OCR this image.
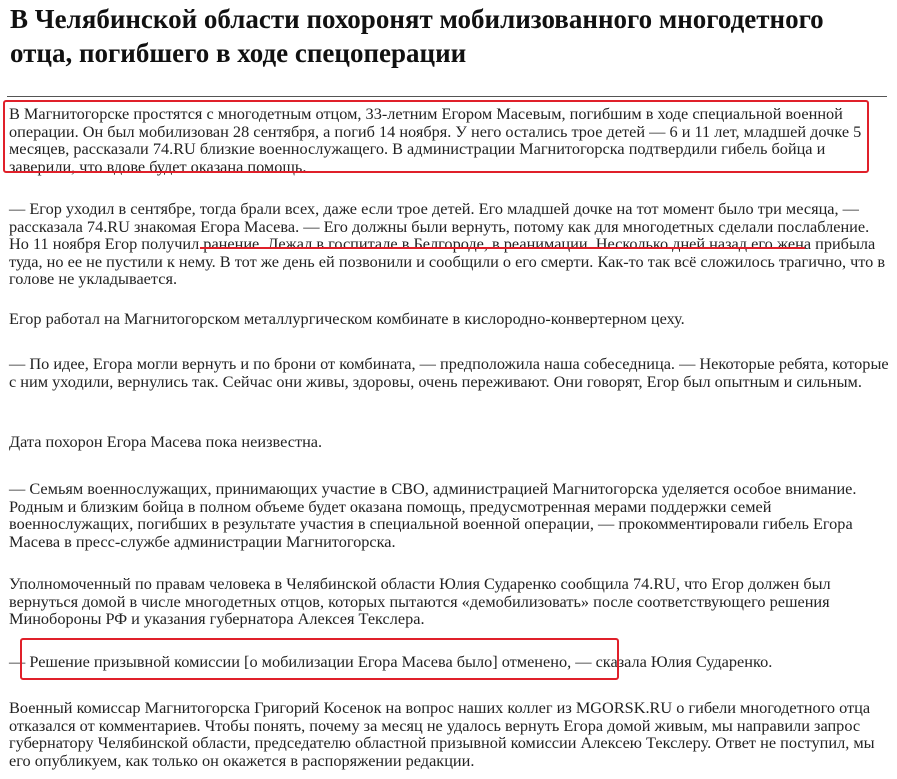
В Челябинской области похоронят мобилизованного многодетного отца, погибшего в ходе спецоперации

В Магнитогорске простятся с многодетным отцом, 33-летним Егором Масевым, погибшим в ходе специальной военной операции. Он был мобилизован 28 сентября, а погиб 14 ноября. У него остались трое детей — 6 и 11 лет, младшей дочке 5 месяцев, рассказали 74.RU близкие военнослужащего. В администрации Магнитогорска подтвердили гибель бойца и заверили, что вдове будет оказана помощь.

— Егор уходил в сентябре, тогда брали всех, даже если трое детей. Его младшей дочке на тот момент было три месяца, — рассказала 74.RU знакомая Егора Масева. — Его должны были вернуть, потому как для многодетных сделали послабление. Но 11 ноября Егор получил ранение. Лежал в госпитале в Белгороде, в реанимации. Несколько дней назад его жена прибыла туда, но ее не пустили к нему. В тот же день ей позвонили и сообщили о его смерти. Как-то так всё сложилось трагично, что в голове не укладывается.

Егор работал на Магнитогорском металлургическом комбинате в кислородно-конвертерном цеху.

— По идее, Егора могли вернуть и по брони от комбината, — предположила наша собеседница. — Некоторые ребята, которые с ним уходили, вернулись так. Сейчас они живы, здоровы, очень переживают. Они говорят, Егор был опытным и сильным.

Дата похорон Егора Масева пока неизвестна.

— Семьям военнослужащих, принимающих участие в СВО, администрацией Магнитогорска уделяется особое внимание. Родным и близким бойца в полном объеме будет оказана помощь, предусмотренная мерами поддержки семей военнослужащих, погибших в результате участия в специальной военной операции, — прокомментировали гибель Егора Масева в пресс-службе администрации Магнитогорска.

Уполномоченный по правам человека в Челябинской области Юлия Сударенко сообщила 74.RU, что Егор должен был вернуться домой в числе многодетных отцов, которых пытаются «демобилизовать» после соответствующего решения Минобороны РФ и указания губернатора Алексея Текслера.

— Решение призывной комиссии [о мобилизации Егора Масева было] отменено, — сказала Юлия Сударенко.

Военный комиссар Магнитогорска Григорий Косенок на вопрос наших коллег из MGORSK.RU о гибели многодетного отца отказался от комментариев. Чтобы понять, почему за месяц не удалось вернуть Егора домой живым, мы направили запрос губернатору Челябинской области, председателю областной призывной комиссии Алексею Текслеру. Ответ не поступил, мы его опубликуем, как только он окажется в распоряжении редакции.
